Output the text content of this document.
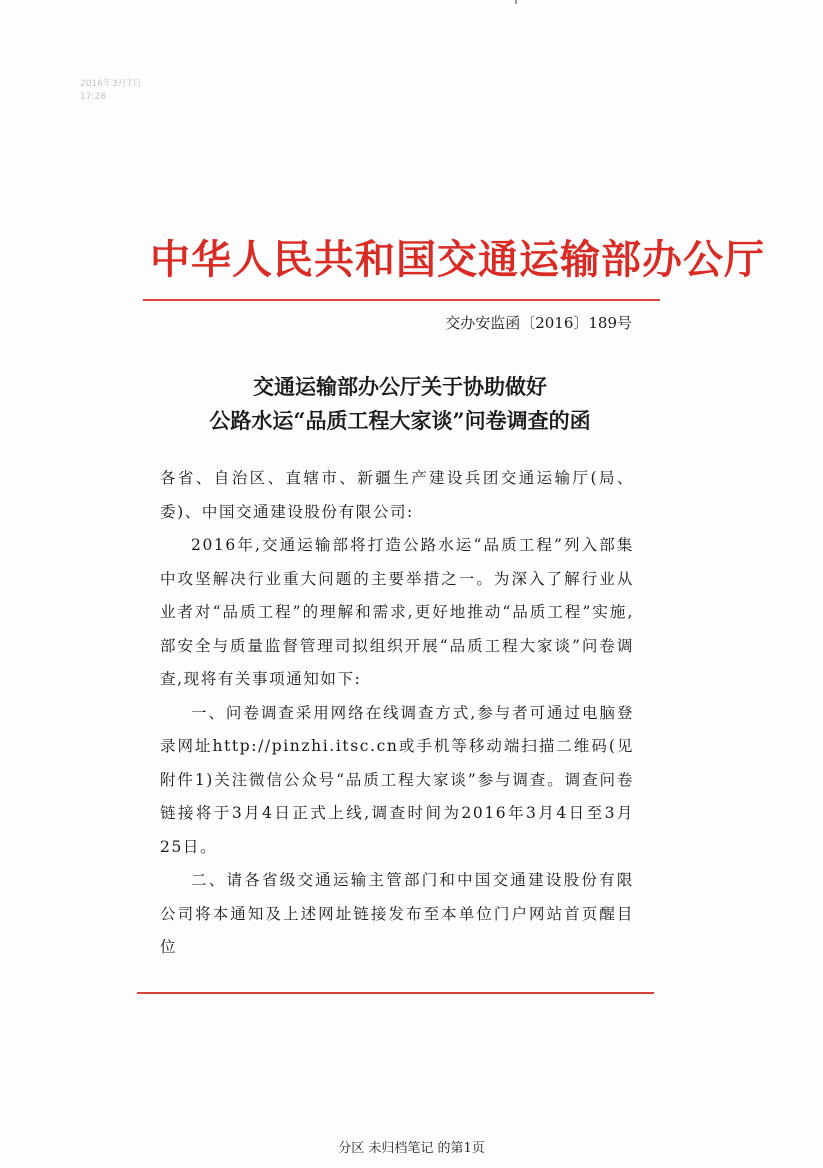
2016年3月7日
17:28
中华人民共和国交通运输部办公厅
交办安监函〔2016〕189号
交通运输部办公厅关于协助做好
公路水运“品质工程大家谈”问卷调查的函

各省、自治区、直辖市、新疆生产建设兵团交通运输厅(局、委)、中国交通建设股份有限公司:

2016年,交通运输部将打造公路水运“品质工程”列入部集中攻坚解决行业重大问题的主要举措之一。为深入了解行业从业者对“品质工程”的理解和需求,更好地推动“品质工程”实施,部安全与质量监督管理司拟组织开展“品质工程大家谈”问卷调查,现将有关事项通知如下:

一、问卷调查采用网络在线调查方式,参与者可通过电脑登录网址http://pinzhi.itsc.cn或手机等移动端扫描二维码(见附件1)关注微信公众号“品质工程大家谈”参与调查。调查问卷链接将于3月4日正式上线,调查时间为2016年3月4日至3月25日。

二、请各省级交通运输主管部门和中国交通建设股份有限公司将本通知及上述网址链接发布至本单位门户网站首页醒目位

分区 未归档笔记 的第1页
